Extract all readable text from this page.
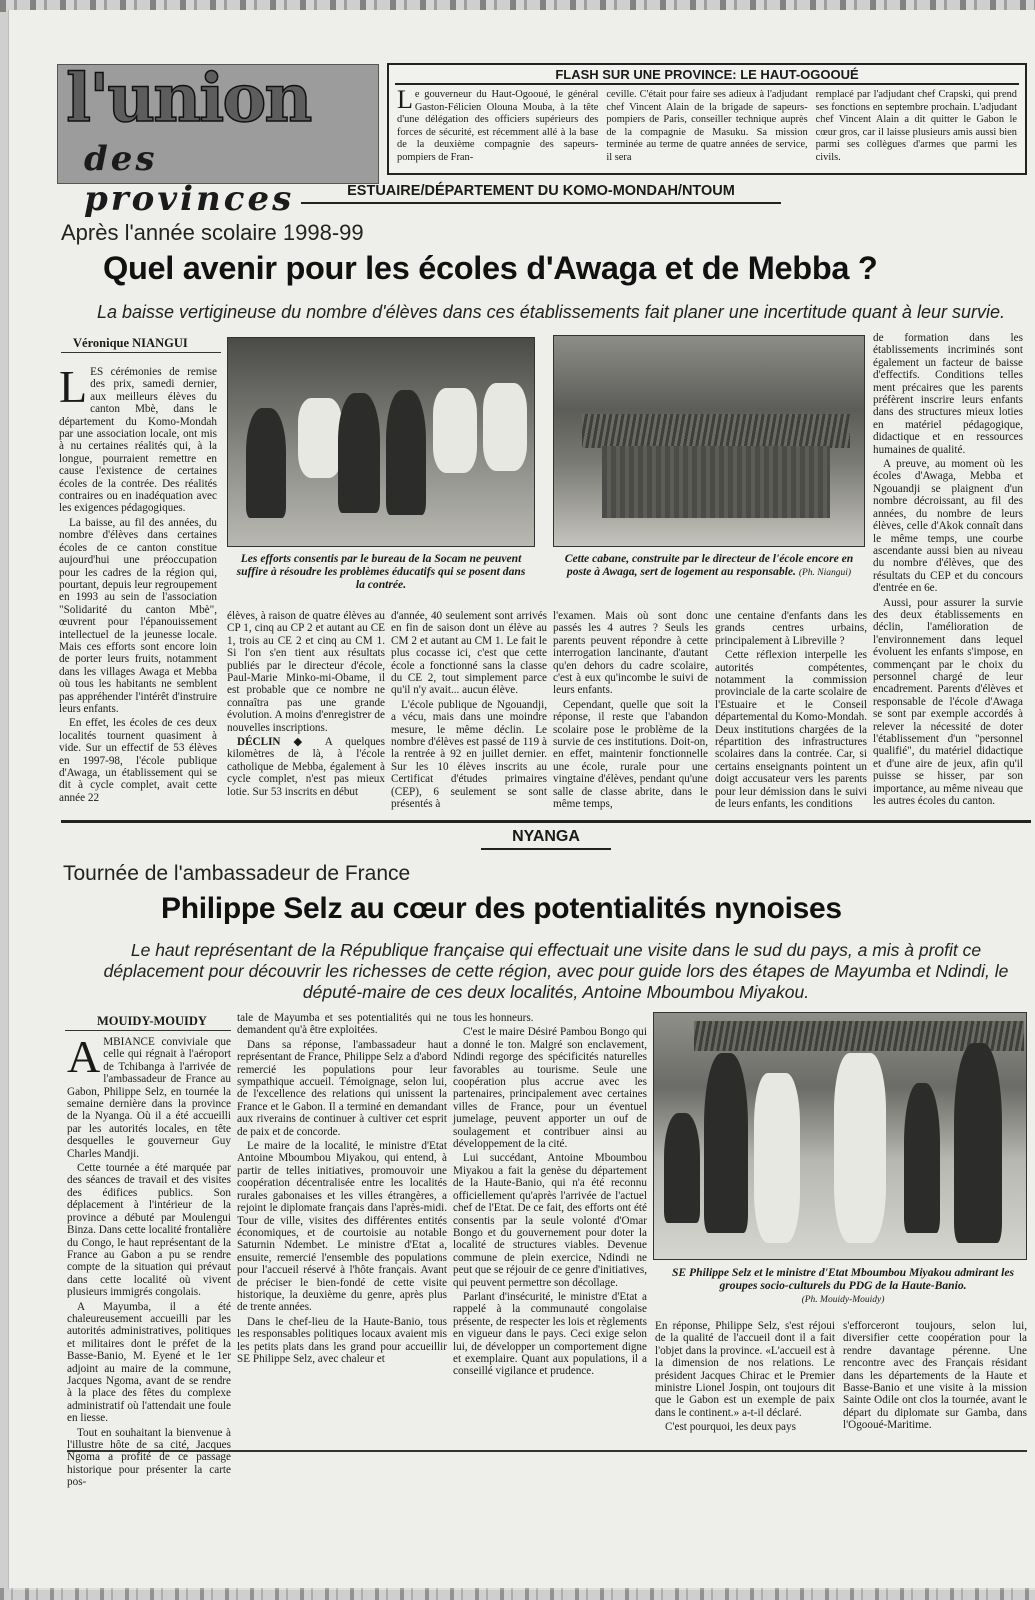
l'union
des provinces
FLASH SUR UNE PROVINCE: LE HAUT-OGOOUÉ

Le gouverneur du Haut-Ogooué, le général Gaston-Félicien Olouna Mouba, à la tête d'une délégation des officiers supérieurs des forces de sécurité, est récemment allé à la base de la deuxième compagnie des sapeurs-pompiers de Fran-

ceville. C'était pour faire ses adieux à l'adjudant chef Vincent Alain de la brigade de sapeurs-pompiers de Paris, conseiller technique auprès de la compagnie de Masuku. Sa mission terminée au terme de quatre années de service, il sera

remplacé par l'adjudant chef Crapski, qui prend ses fonctions en septembre prochain. L'adjudant chef Vincent Alain a dit quitter le Gabon le cœur gros, car il laisse plusieurs amis aussi bien parmi ses collègues d'armes que parmi les civils.

ESTUAIRE/DÉPARTEMENT DU KOMO-MONDAH/NTOUM
Après l'année scolaire 1998-99
Quel avenir pour les écoles d'Awaga et de Mebba ?
La baisse vertigineuse du nombre d'élèves dans ces établissements fait planer une incertitude quant à leur survie.
Véronique NIANGUI

LES cérémonies de remise des prix, samedi dernier, aux meilleurs élèves du canton Mbè, dans le département du Komo-Mondah par une association locale, ont mis à nu certaines réalités qui, à la longue, pourraient remettre en cause l'existence de certaines écoles de la contrée. Des réalités contraires ou en inadéquation avec les exigences pédagogiques.

La baisse, au fil des années, du nombre d'élèves dans certaines écoles de ce canton constitue aujourd'hui une préoccupation pour les cadres de la région qui, pourtant, depuis leur regroupement en 1993 au sein de l'association "Solidarité du canton Mbè", œuvrent pour l'épanouissement intellectuel de la jeunesse locale. Mais ces efforts sont encore loin de porter leurs fruits, notamment dans les villages Awaga et Mebba où tous les habitants ne semblent pas appréhender l'intérêt d'instruire leurs enfants.

En effet, les écoles de ces deux localités tournent quasiment à vide. Sur un effectif de 53 élèves en 1997-98, l'école publique d'Awaga, un établissement qui se dit à cycle complet, avait cette année 22

Les efforts consentis par le bureau de la Socam ne peuvent suffire à résoudre les problèmes éducatifs qui se posent dans la contrée.
Cette cabane, construite par le directeur de l'école encore en poste à Awaga, sert de logement au responsable. (Ph. Niangui)

élèves, à raison de quatre élèves au CP 1, cinq au CP 2 et autant au CE 1, trois au CE 2 et cinq au CM 1. Si l'on s'en tient aux résultats publiés par le directeur d'école, Paul-Marie Minko-mi-Obame, il est probable que ce nombre ne connaîtra pas une grande évolution. A moins d'enregistrer de nouvelles inscriptions.

DÉCLIN ◆ A quelques kilomètres de là, à l'école catholique de Mebba, également à cycle complet, n'est pas mieux lotie. Sur 53 inscrits en début

d'année, 40 seulement sont arrivés en fin de saison dont un élève au CM 2 et autant au CM 1. Le fait le plus cocasse ici, c'est que cette école a fonctionné sans la classe du CE 2, tout simplement parce qu'il n'y avait... aucun élève.

L'école publique de Ngouandji, a vécu, mais dans une moindre mesure, le même déclin. Le nombre d'élèves est passé de 119 à la rentrée à 92 en juillet dernier. Sur les 10 élèves inscrits au Certificat d'études primaires (CEP), 6 seulement se sont présentés à

l'examen. Mais où sont donc passés les 4 autres ? Seuls les parents peuvent répondre à cette interrogation lancinante, d'autant qu'en dehors du cadre scolaire, c'est à eux qu'incombe le suivi de leurs enfants.

Cependant, quelle que soit la réponse, il reste que l'abandon scolaire pose le problème de la survie de ces institutions. Doit-on, en effet, maintenir fonctionnelle une école, rurale pour une vingtaine d'élèves, pendant qu'une salle de classe abrite, dans le même temps,

une centaine d'enfants dans les grands centres urbains, principalement à Libreville ?

Cette réflexion interpelle les autorités compétentes, notamment la commission provinciale de la carte scolaire de l'Estuaire et le Conseil départemental du Komo-Mondah. Deux institutions chargées de la répartition des infrastructures scolaires dans la contrée. Car, si certains enseignants pointent un doigt accusateur vers les parents pour leur démission dans le suivi de leurs enfants, les conditions

de formation dans les établissements incriminés sont également un facteur de baisse d'effectifs. Conditions telles ment précaires que les parents préfèrent inscrire leurs enfants dans des structures mieux loties en matériel pédagogique, didactique et en ressources humaines de qualité.

A preuve, au moment où les écoles d'Awaga, Mebba et Ngouandji se plaignent d'un nombre décroissant, au fil des années, du nombre de leurs élèves, celle d'Akok connaît dans le même temps, une courbe ascendante aussi bien au niveau du nombre d'élèves, que des résultats du CEP et du concours d'entrée en 6e.

Aussi, pour assurer la survie des deux établissements en déclin, l'amélioration de l'environnement dans lequel évoluent les enfants s'impose, en commençant par le choix du personnel chargé de leur encadrement. Parents d'élèves et responsable de l'école d'Awaga se sont par exemple accordés à relever la nécessité de doter l'établissement d'un "personnel qualifié", du matériel didactique et d'une aire de jeux, afin qu'il puisse se hisser, par son importance, au même niveau que les autres écoles du canton.

NYANGA
Tournée de l'ambassadeur de France
Philippe Selz au cœur des potentialités nynoises
Le haut représentant de la République française qui effectuait une visite dans le sud du pays, a mis à profit ce déplacement pour découvrir les richesses de cette région, avec pour guide lors des étapes de Mayumba et Ndindi, le député-maire de ces deux localités, Antoine Mboumbou Miyakou.
MOUIDY-MOUIDY

AMBIANCE conviviale que celle qui régnait à l'aéroport de Tchibanga à l'arrivée de l'ambassadeur de France au Gabon, Philippe Selz, en tournée la semaine dernière dans la province de la Nyanga. Où il a été accueilli par les autorités locales, en tête desquelles le gouverneur Guy Charles Mandji.

Cette tournée a été marquée par des séances de travail et des visites des édifices publics. Son déplacement à l'intérieur de la province a débuté par Moulengui Binza. Dans cette localité frontalière du Congo, le haut représentant de la France au Gabon a pu se rendre compte de la situation qui prévaut dans cette localité où vivent plusieurs immigrés congolais.

A Mayumba, il a été chaleureusement accueilli par les autorités administratives, politiques et militaires dont le préfet de la Basse-Banio, M. Eyené et le 1er adjoint au maire de la commune, Jacques Ngoma, avant de se rendre à la place des fêtes du complexe administratif où l'attendait une foule en liesse.

Tout en souhaitant la bienvenue à l'illustre hôte de sa cité, Jacques Ngoma a profité de ce passage historique pour présenter la carte pos-

tale de Mayumba et ses potentialités qui ne demandent qu'à être exploitées.

Dans sa réponse, l'ambassadeur haut représentant de France, Philippe Selz a d'abord remercié les populations pour leur sympathique accueil. Témoignage, selon lui, de l'excellence des relations qui unissent la France et le Gabon. Il a terminé en demandant aux riverains de continuer à cultiver cet esprit de paix et de concorde.

Le maire de la localité, le ministre d'Etat Antoine Mboumbou Miyakou, qui entend, à partir de telles initiatives, promouvoir une coopération décentralisée entre les localités rurales gabonaises et les villes étrangères, a rejoint le diplomate français dans l'après-midi. Tour de ville, visites des différentes entités économiques, et de courtoisie au notable Saturnin Ndembet. Le ministre d'Etat a, ensuite, remercié l'ensemble des populations pour l'accueil réservé à l'hôte français. Avant de préciser le bien-fondé de cette visite historique, la deuxième du genre, après plus de trente années.

Dans le chef-lieu de la Haute-Banio, tous les responsables politiques locaux avaient mis les petits plats dans les grand pour accueillir SE Philippe Selz, avec chaleur et

tous les honneurs.

C'est le maire Désiré Pambou Bongo qui a donné le ton. Malgré son enclavement, Ndindi regorge des spécificités naturelles favorables au tourisme. Seule une coopération plus accrue avec les partenaires, principalement avec certaines villes de France, pour un éventuel jumelage, peuvent apporter un ouf de soulagement et contribuer ainsi au développement de la cité.

Lui succédant, Antoine Mboumbou Miyakou a fait la genèse du département de la Haute-Banio, qui n'a été reconnu officiellement qu'après l'arrivée de l'actuel chef de l'Etat. De ce fait, des efforts ont été consentis par la seule volonté d'Omar Bongo et du gouvernement pour doter la localité de structures viables. Devenue commune de plein exercice, Ndindi ne peut que se réjouir de ce genre d'initiatives, qui peuvent permettre son décollage.

Parlant d'insécurité, le ministre d'Etat a rappelé à la communauté congolaise présente, de respecter les lois et règlements en vigueur dans le pays. Ceci exige selon lui, de développer un comportement digne et exemplaire. Quant aux populations, il a conseillé vigilance et prudence.

SE Philippe Selz et le ministre d'Etat Mboumbou Miyakou admirant les groupes socio-culturels du PDG de la Haute-Banio.
(Ph. Mouidy-Mouidy)

En réponse, Philippe Selz, s'est réjoui de la qualité de l'accueil dont il a fait l'objet dans la province. «L'accueil est à la dimension de nos relations. Le président Jacques Chirac et le Premier ministre Lionel Jospin, ont toujours dit que le Gabon est un exemple de paix dans le continent.» a-t-il déclaré.

C'est pourquoi, les deux pays

s'efforceront toujours, selon lui, diversifier cette coopération pour la rendre davantage pérenne. Une rencontre avec des Français résidant dans les départements de la Haute et Basse-Banio et une visite à la mission Sainte Odile ont clos la tournée, avant le départ du diplomate sur Gamba, dans l'Ogooué-Maritime.
